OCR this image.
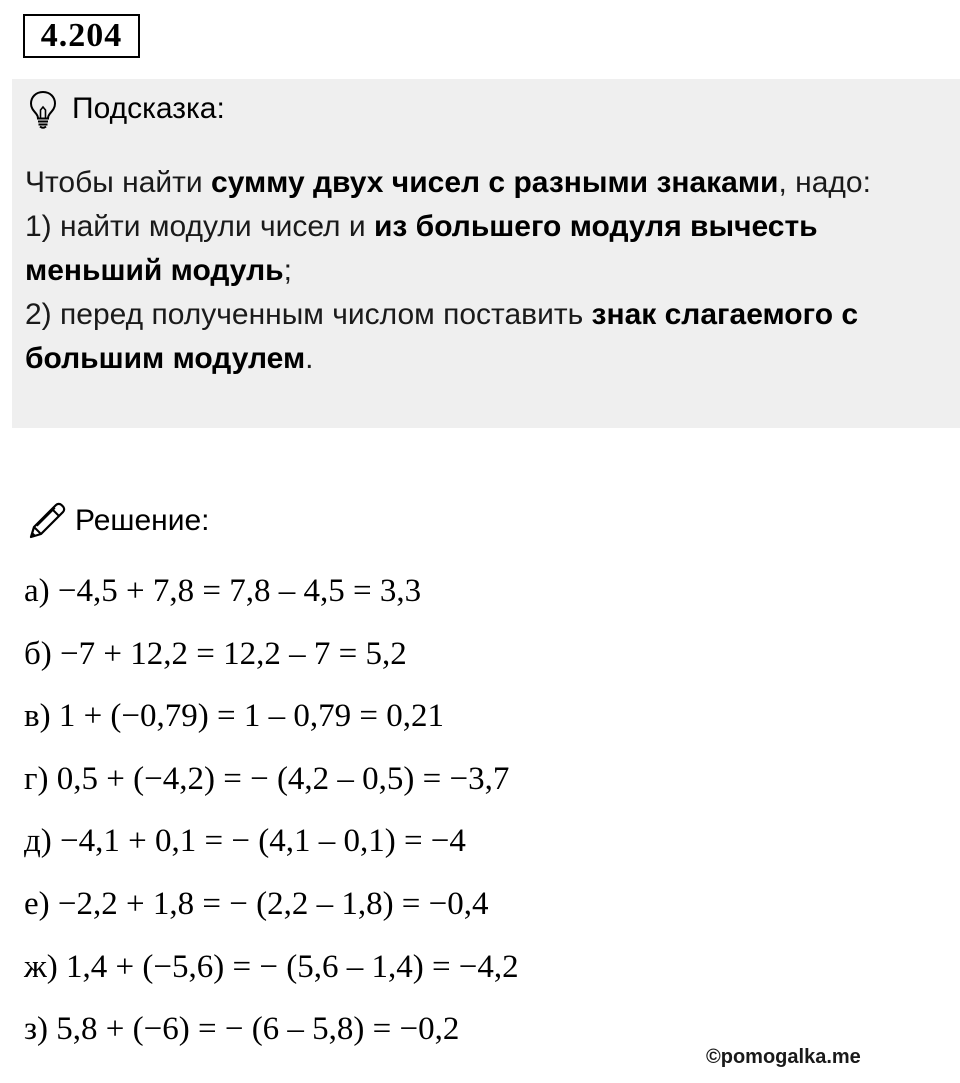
4.204
Подсказка:
Чтобы найти сумму двух чисел с разными знаками, надо:
1) найти модули чисел и из большего модуля вычесть меньший модуль;
2) перед полученным числом поставить знак слагаемого с большим модулем.
Решение:
а) −4,5 + 7,8 = 7,8 – 4,5 = 3,3
б) −7 + 12,2 = 12,2 – 7 = 5,2
в) 1 + (−0,79) = 1 – 0,79 = 0,21
г) 0,5 + (−4,2) = − (4,2 – 0,5) = −3,7
д) −4,1 + 0,1 = − (4,1 – 0,1) = −4
е) −2,2 + 1,8 = − (2,2 – 1,8) = −0,4
ж) 1,4 + (−5,6) = − (5,6 – 1,4) = −4,2
з) 5,8 + (−6) = − (6 – 5,8) = −0,2
©pomogalka.me
